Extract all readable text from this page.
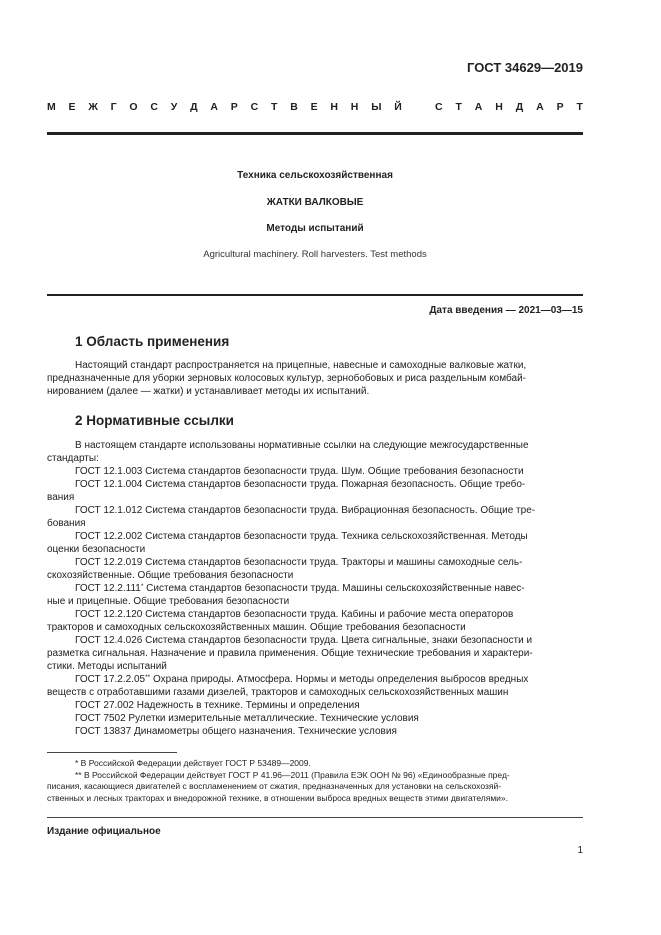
ГОСТ 34629—2019
М Е Ж Г О С У Д А Р С Т В Е Н Н Ы Й	С Т А Н Д А Р Т
Техника сельскохозяйственная
ЖАТКИ ВАЛКОВЫЕ
Методы испытаний
Agricultural machinery. Roll harvesters. Test methods
Дата введения — 2021—03—15
1 Область применения
Настоящий стандарт распространяется на прицепные, навесные и самоходные валковые жатки,
предназначенные для уборки зерновых колосовых культур, зернобобовых и риса раздельным комбай-
нированием (далее — жатки) и устанавливает методы их испытаний.
2 Нормативные ссылки
В настоящем стандарте использованы нормативные ссылки на следующие межгосударственные
стандарты:
ГОСТ 12.1.003 Система стандартов безопасности труда. Шум. Общие требования безопасности
ГОСТ 12.1.004 Система стандартов безопасности труда. Пожарная безопасность. Общие требо-
вания
ГОСТ 12.1.012 Система стандартов безопасности труда. Вибрационная безопасность. Общие тре-
бования
ГОСТ 12.2.002 Система стандартов безопасности труда. Техника сельскохозяйственная. Методы
оценки безопасности
ГОСТ 12.2.019 Система стандартов безопасности труда. Тракторы и машины самоходные сель-
скохозяйственные. Общие требования безопасности
ГОСТ 12.2.111* Система стандартов безопасности труда. Машины сельскохозяйственные навес-
ные и прицепные. Общие требования безопасности
ГОСТ 12.2.120 Система стандартов безопасности труда. Кабины и рабочие места операторов
тракторов и самоходных сельскохозяйственных машин. Общие требования безопасности
ГОСТ 12.4.026 Система стандартов безопасности труда. Цвета сигнальные, знаки безопасности и
разметка сигнальная. Назначение и правила применения. Общие технические требования и характери-
стики. Методы испытаний
ГОСТ 17.2.2.05** Охрана природы. Атмосфера. Нормы и методы определения выбросов вредных
веществ с отработавшими газами дизелей, тракторов и самоходных сельскохозяйственных машин
ГОСТ 27.002 Надежность в технике. Термины и определения
ГОСТ 7502 Рулетки измерительные металлические. Технические условия
ГОСТ 13837 Динамометры общего назначения. Технические условия
* В Российской Федерации действует ГОСТ Р 53489—2009.
** В Российской Федерации действует ГОСТ Р 41.96—2011 (Правила ЕЭК ООН № 96) «Единообразные пред-
писания, касающиеся двигателей с воспламенением от сжатия, предназначенных для установки на сельскохозяй-
ственных и лесных тракторах и внедорожной технике, в отношении выброса вредных веществ этими двигателями».
Издание официальное
1
